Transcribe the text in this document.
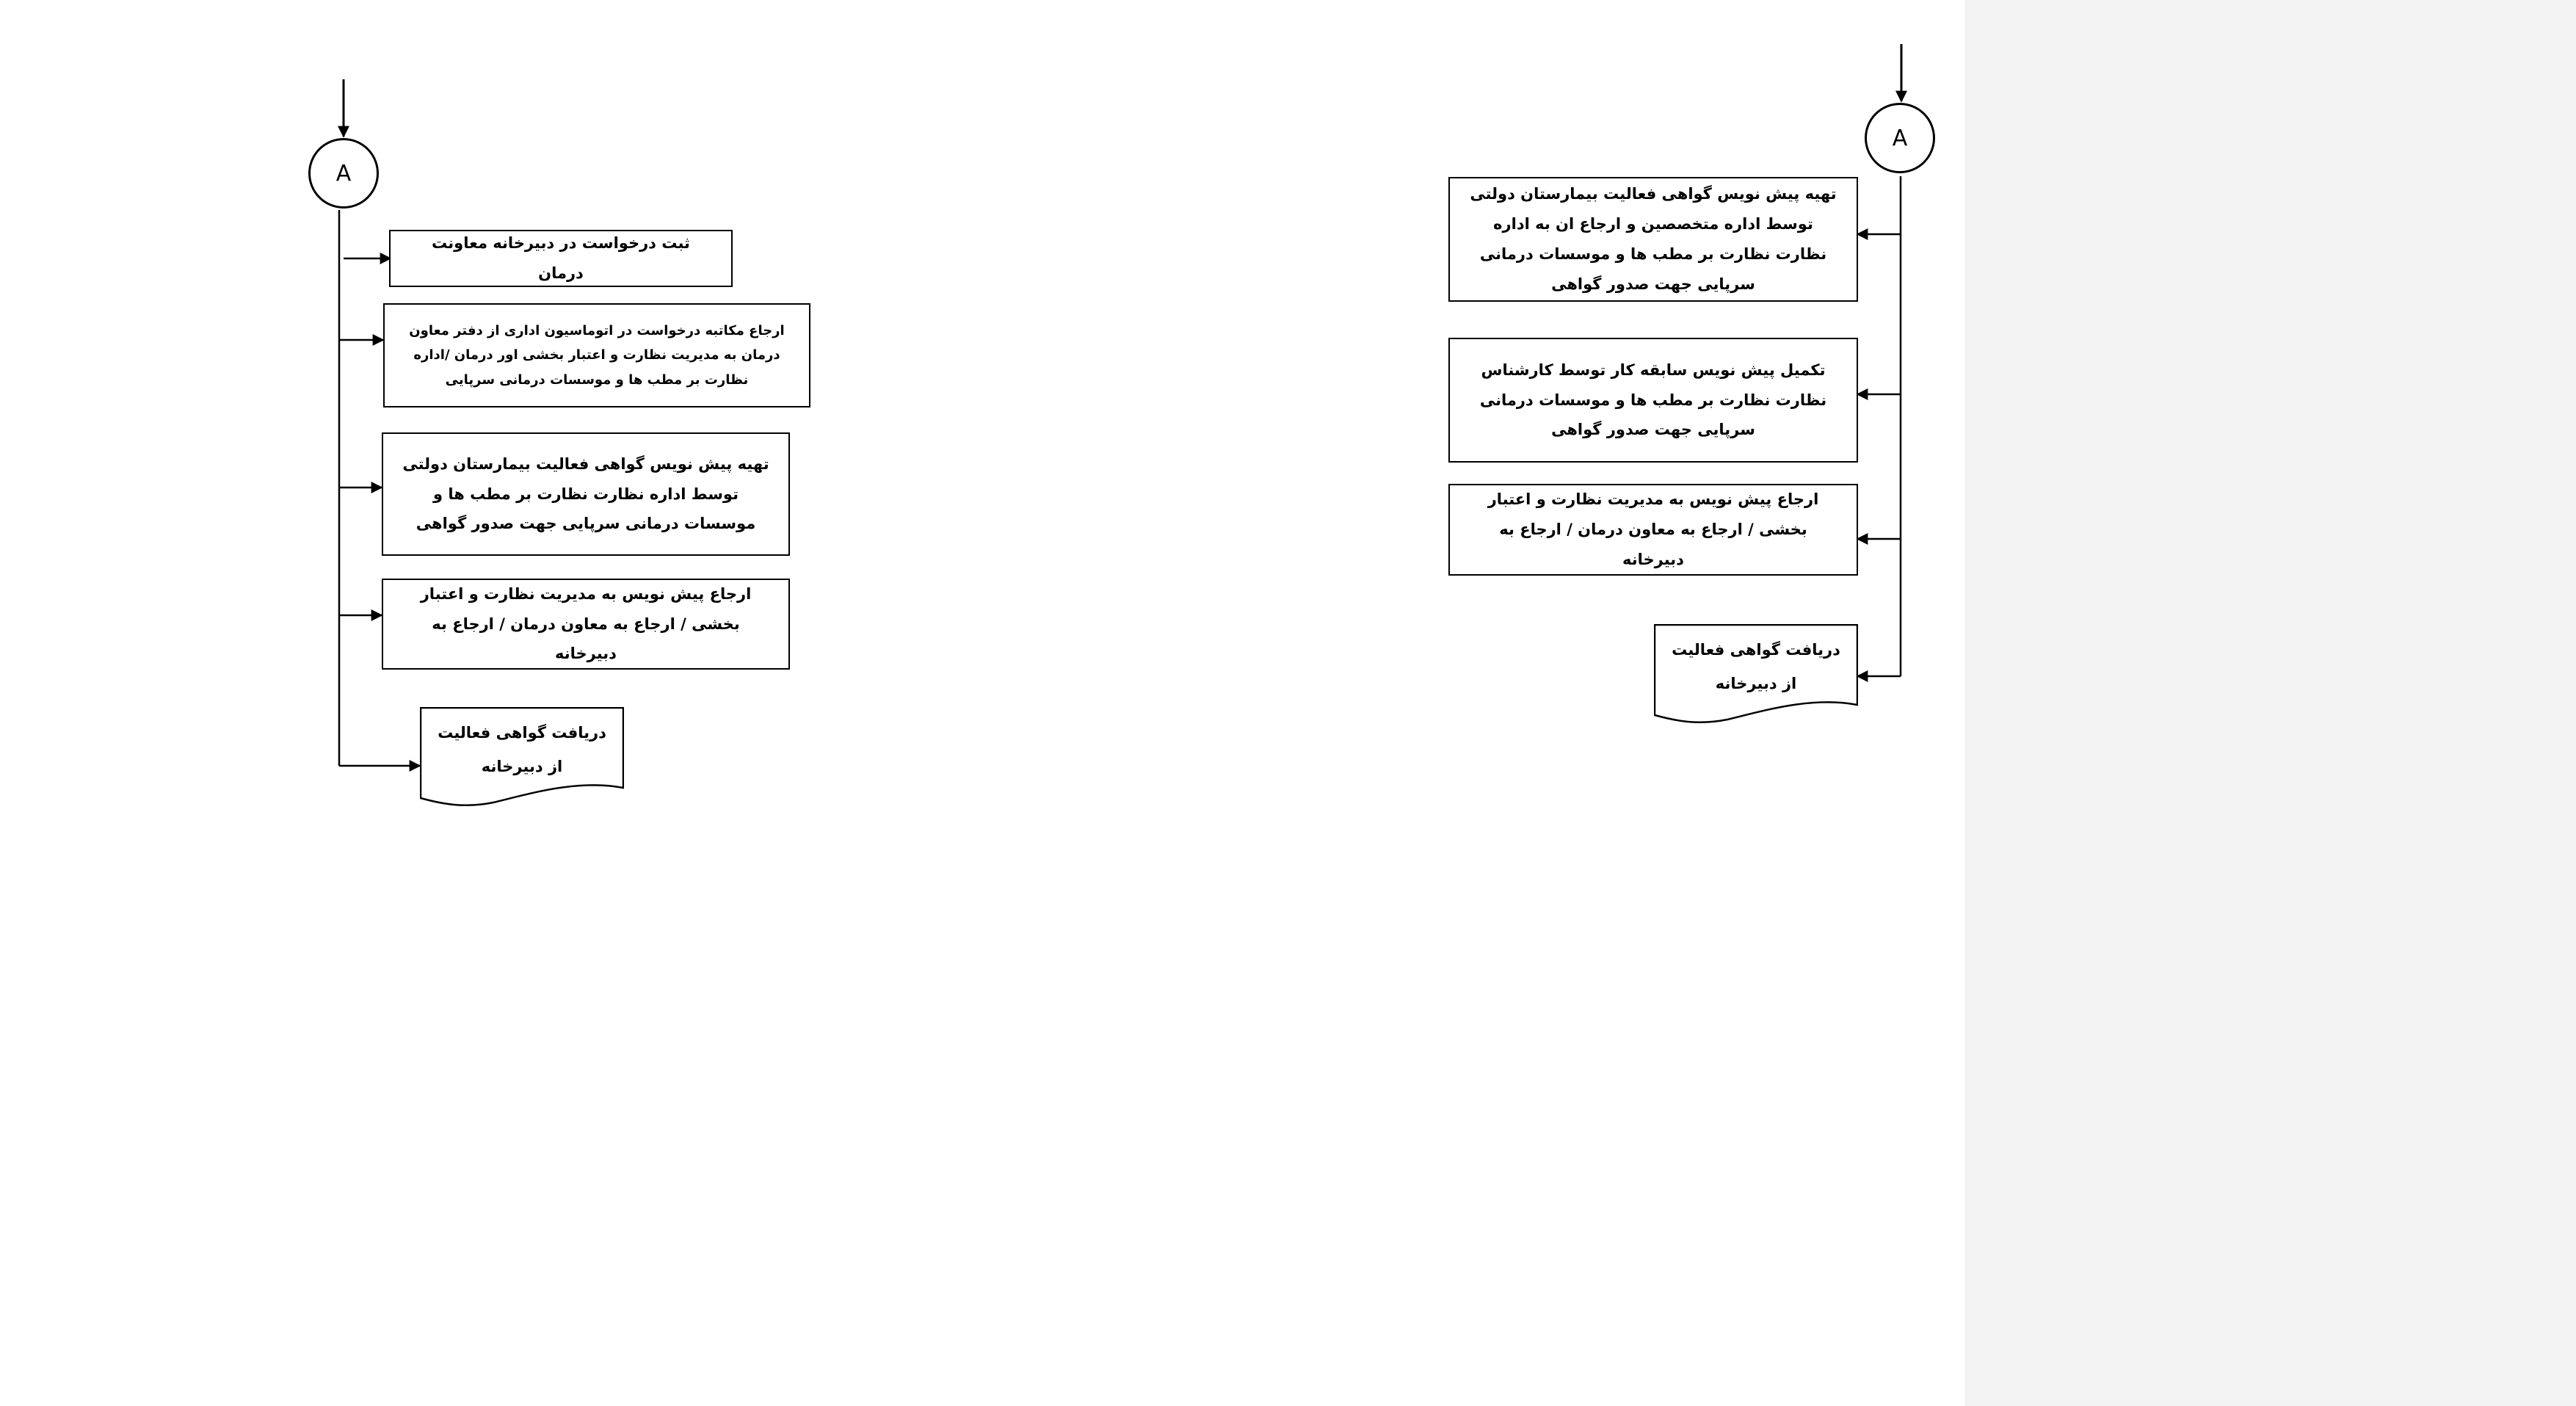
A
ثبت درخواست در دبیرخانه معاونت درمان
ارجاع مکاتبه درخواست در اتوماسیون اداری از دفتر معاون درمان به مدیریت نظارت و اعتبار بخشی اور درمان /اداره نظارت بر مطب ها و موسسات درمانی سرپایی
تهیه پیش نویس گواهی فعالیت بیمارستان دولتی توسط اداره نظارت نظارت بر مطب ها و موسسات درمانی سرپایی جهت صدور گواهی
ارجاع پیش نویس به مدیریت نظارت و اعتبار بخشی / ارجاع به معاون درمان / ارجاع به دبیرخانه
دریافت گواهی فعالیت از دبیرخانه
A
تهیه پیش نویس گواهی فعالیت بیمارستان دولتی توسط اداره متخصصین و ارجاع ان به اداره نظارت نظارت بر مطب ها و موسسات درمانی سرپایی جهت صدور گواهی
تکمیل پیش نویس سابقه کار توسط کارشناس نظارت نظارت بر مطب ها و موسسات درمانی سرپایی جهت صدور گواهی
ارجاع پیش نویس به مدیریت نظارت و اعتبار بخشی / ارجاع به معاون درمان / ارجاع به دبیرخانه
دریافت گواهی فعالیت از دبیرخانه
